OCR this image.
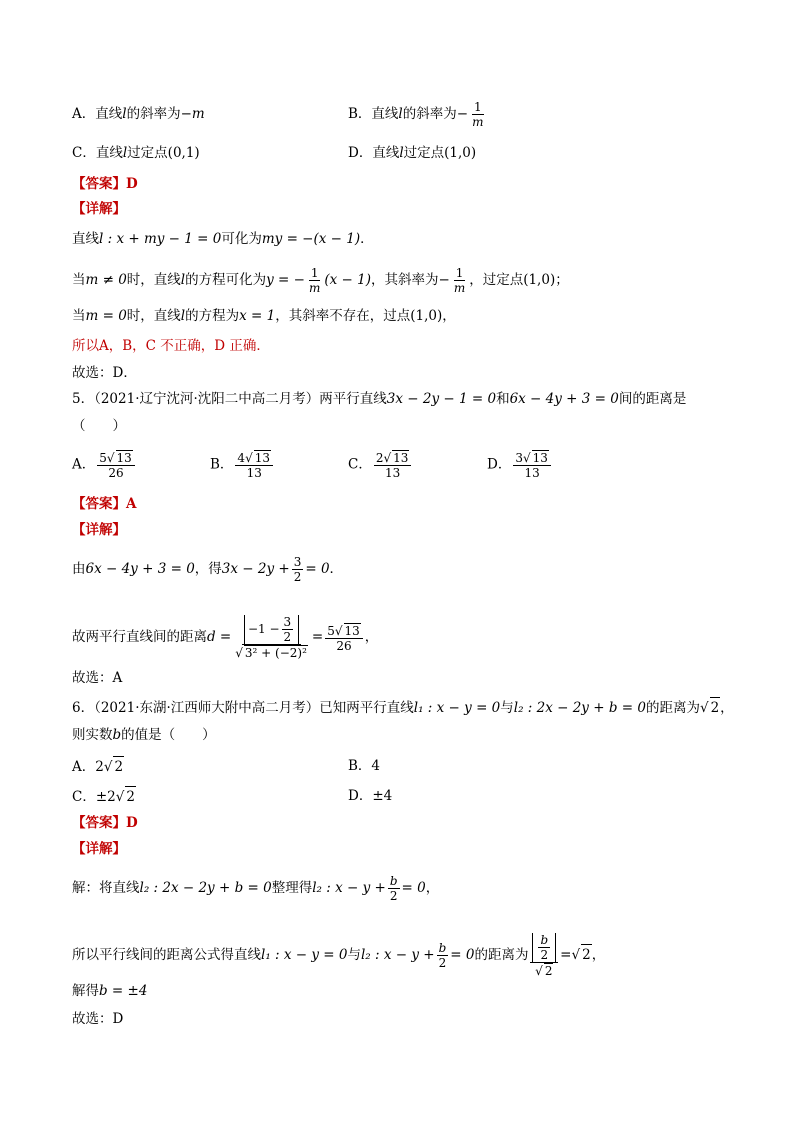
A．直线l的斜率为−m	B．直线l的斜率为− $\frac{1}{m}$
C．直线l过定点(0,1)	D．直线l过定点(1,0)
【答案】D
【详解】
直线l : x + my − 1 = 0可化为my = −(x − 1)．
当m ≠ 0时，直线l的方程可化为y = − $\frac{1}{m} (x - 1)$，其斜率为− $\frac{1}{m}$ ，过定点(1,0)；
当m = 0时，直线l的方程为x = 1，其斜率不存在，过点(1,0)，
所以A，B，C 不正确，D 正确．
故选：D．
5．（2021·辽宁沈河·沈阳二中高二月考）两平行直线3x − 2y − 1 = 0和6x − 4y + 3 = 0间的距离是
（　　）
A． $\frac{5√ 13}{26}$	B． $\frac{4√ 13}{13}$	C． $\frac{2√ 13}{13}$	D． $\frac{3√ 13}{13}$
【答案】A
【详解】
由6x − 4y + 3 = 0，得$3x - 2y + \frac{3}{2} = 0$．
故两平行直线间的距离$d = \frac{-1 - \frac{3}{2}}{\text{√ 3² + (−2)²}} = \frac{5√ 13}{26}$ ，
故选：A
6．（2021·东湖·江西师大附中高二月考）已知两平行直线l₁ : x − y = 0与l₂ : 2x − 2y + b = 0的距离为√ 2，
则实数b的值是（　　）
A．2√ 2	B．4
C．±2√ 2	D．±4
【答案】D
【详解】
解：将直线l₂ : 2x − 2y + b = 0整理得l₂ : $x - y + \frac{b}{2} = 0$，
所以平行线间的距离公式得直线l₁ : x − y = 0与l₂ : $x - y + \frac{b}{2} = 0$的距离为 $\frac{\frac{b}{2}}{√ 2}$ =√ 2，
解得b = ±4
故选：D
